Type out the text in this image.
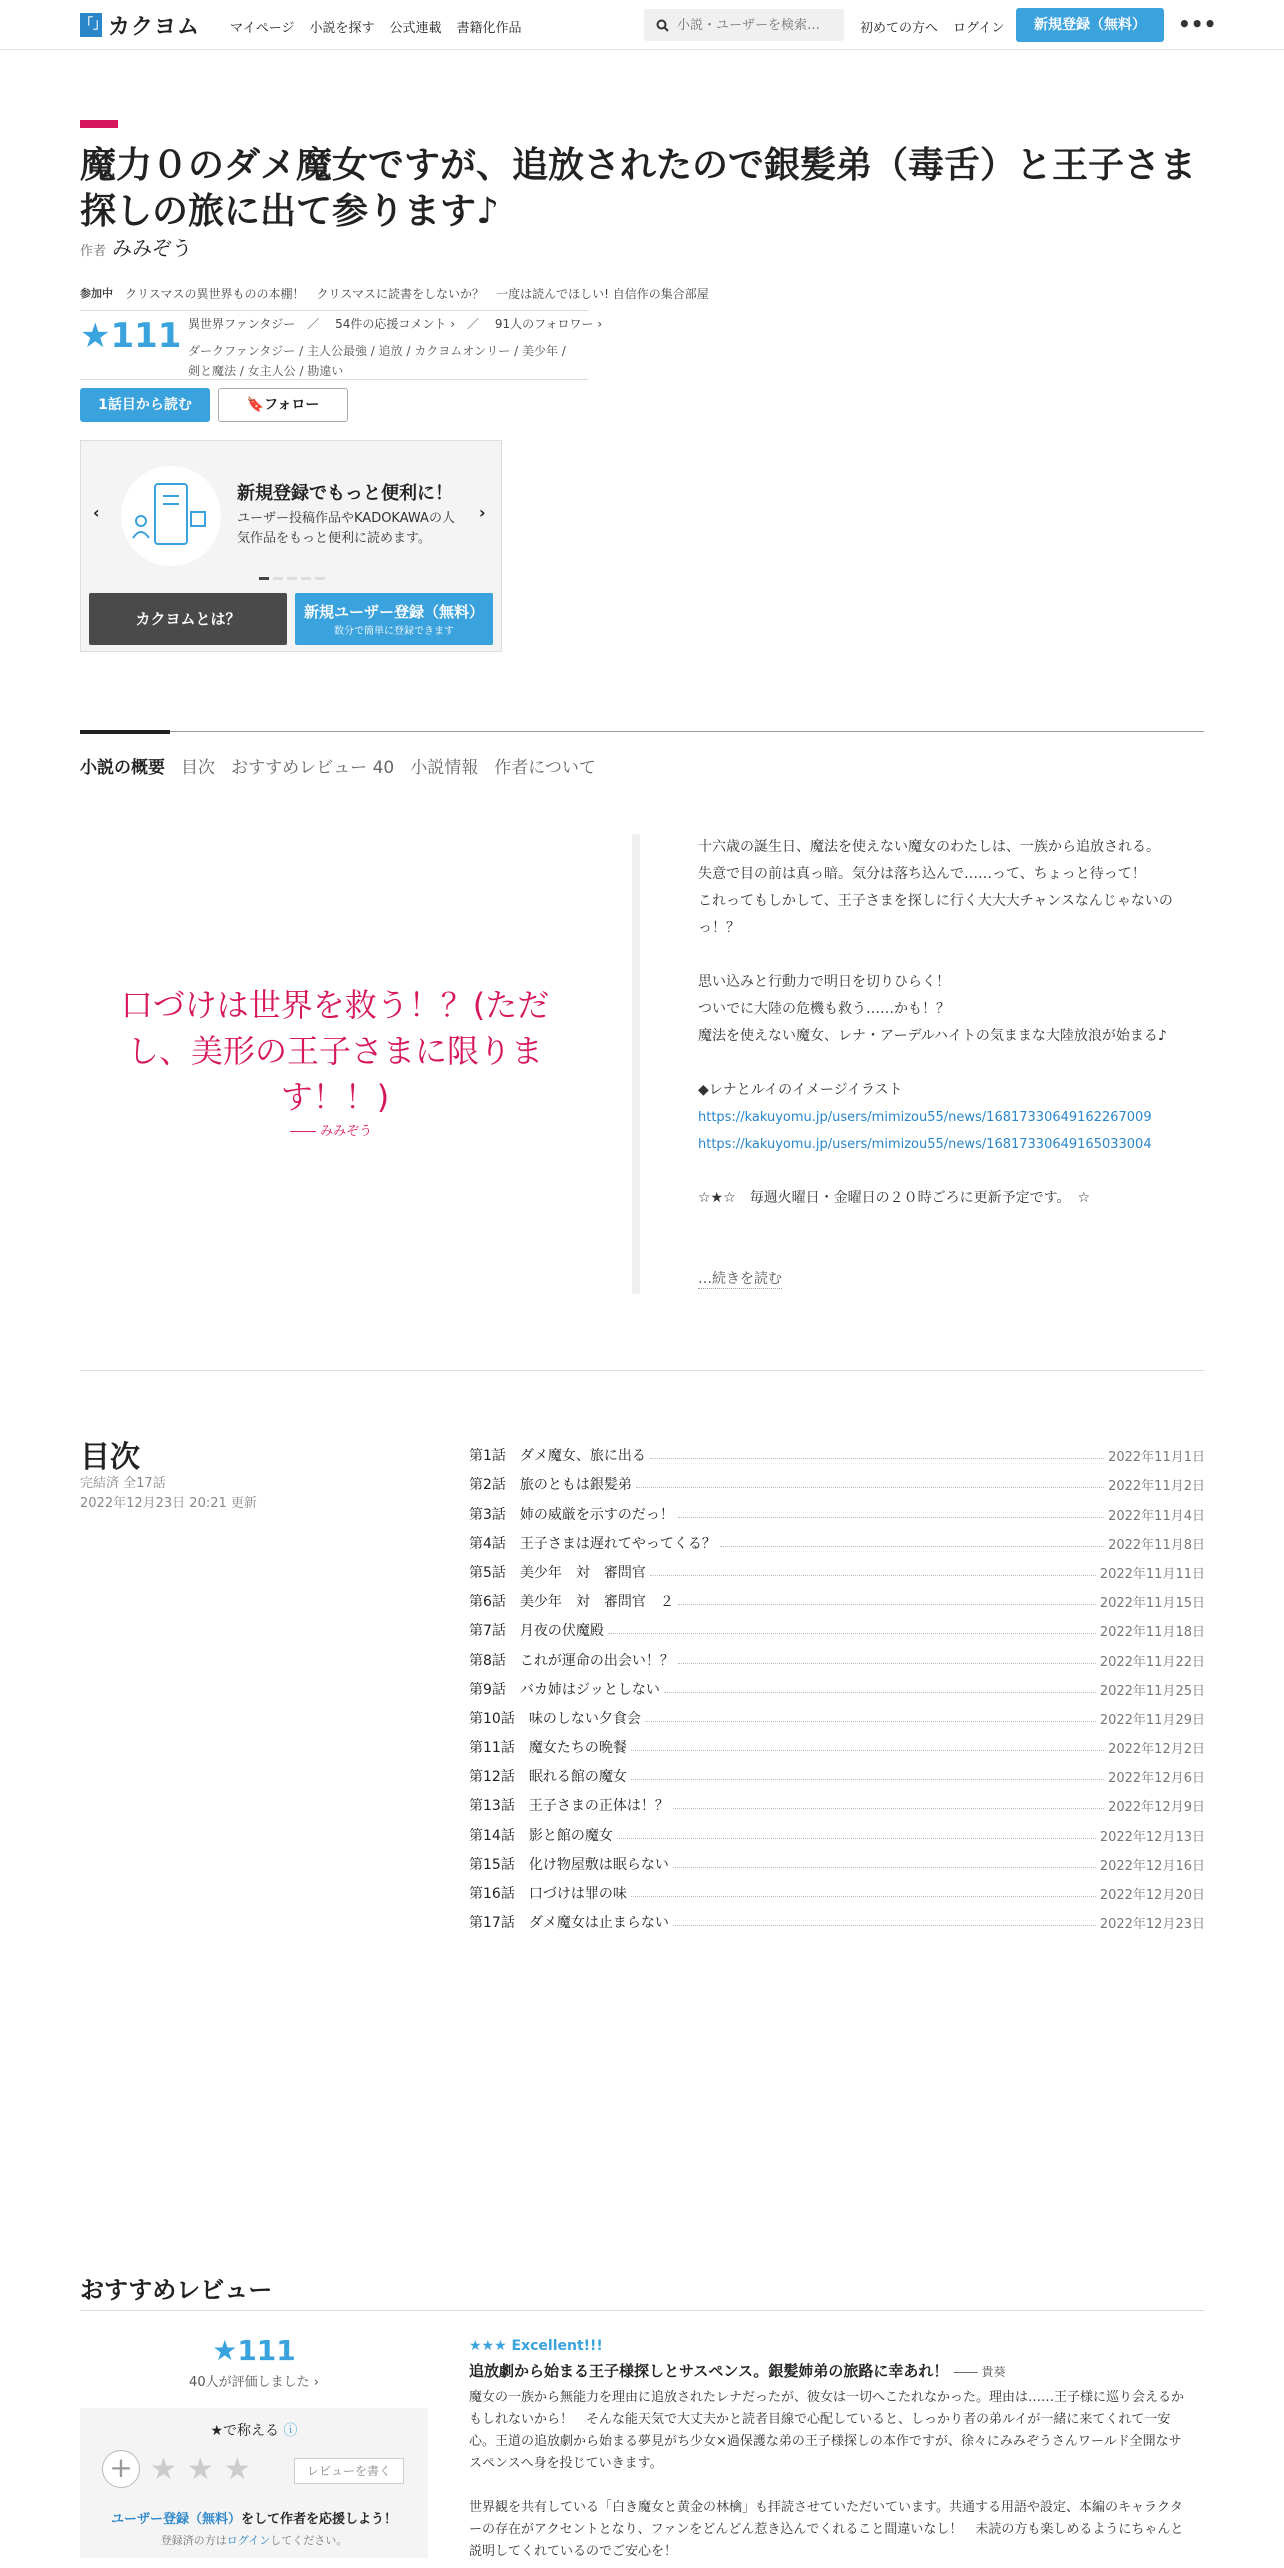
「」 カクヨム マイページ 小説を探す 公式連載 書籍化作品
小説・ユーザーを検索…	初めての方へ ログイン	新規登録（無料）	•••
魔力０のダメ魔女ですが、追放されたので銀髪弟（毒舌）と王子さま探しの旅に出て参ります♪
作者 みみぞう
参加中 クリスマスの異世界ものの本棚！ クリスマスに読書をしないか？ 一度は読んでほしい! 自信作の集合部屋
★111 異世界ファンタジー　／　 54件の応援コメント ›　／　 91人のフォロワー ›
ダークファンタジー / 主人公最強 / 追放 / カクヨムオンリー / 美少年 / 剣と魔法 / 女主人公 / 勘違い
1話目から読む	🔖フォロー
‹
新規登録でもっと便利に！
ユーザー投稿作品やKADOKAWAの人気作品をもっと便利に読めます。
›
カクヨムとは？	新規ユーザー登録（無料）
数分で簡単に登録できます
小説の概要 目次 おすすめレビュー 40 小説情報 作者について
口づけは世界を救う！？(ただし、美形の王子さまに限ります！！)
―― みみぞう
十六歳の誕生日、魔法を使えない魔女のわたしは、一族から追放される。
失意で目の前は真っ暗。気分は落ち込んで……って、ちょっと待って！
これってもしかして、王子さまを探しに行く大大大チャンスなんじゃないのっ！？
思い込みと行動力で明日を切りひらく！
ついでに大陸の危機も救う……かも！？
魔法を使えない魔女、レナ・アーデルハイトの気ままな大陸放浪が始まる♪
◆レナとルイのイメージイラスト
https://kakuyomu.jp/users/mimizou55/news/16817330649162267009
https://kakuyomu.jp/users/mimizou55/news/16817330649165033004
☆★☆　毎週火曜日・金曜日の２０時ごろに更新予定です。　☆
…続きを読む
目次
完結済 全17話
2022年12月23日 20:21 更新
第1話　ダメ魔女、旅に出る	2022年11月1日
第2話　旅のともは銀髪弟	2022年11月2日
第3話　姉の威厳を示すのだっ！	2022年11月4日
第4話　王子さまは遅れてやってくる？	2022年11月8日
第5話　美少年　対　審問官	2022年11月11日
第6話　美少年　対　審問官　２	2022年11月15日
第7話　月夜の伏魔殿	2022年11月18日
第8話　これが運命の出会い！？	2022年11月22日
第9話　バカ姉はジッとしない	2022年11月25日
第10話　味のしない夕食会	2022年11月29日
第11話　魔女たちの晩餐	2022年12月2日
第12話　眠れる館の魔女	2022年12月6日
第13話　王子さまの正体は！？	2022年12月9日
第14話　影と館の魔女	2022年12月13日
第15話　化け物屋敷は眠らない	2022年12月16日
第16話　口づけは罪の味	2022年12月20日
第17話　ダメ魔女は止まらない	2022年12月23日
おすすめレビュー
★111
40人が評価しました ›
★で称える ⓘ
+ ★ ★ ★	レビューを書く
ユーザー登録（無料）をして作者を応援しよう！
登録済の方はログインしてください。
★★★ Excellent!!!
追放劇から始まる王子様探しとサスペンス。銀髪姉弟の旅路に幸あれ！ ―― 貴葵
魔女の一族から無能力を理由に追放されたレナだったが、彼女は一切へこたれなかった。理由は……王子様に巡り会えるかもしれないから！　そんな能天気で大丈夫かと読者目線で心配していると、しっかり者の弟ルイが一緒に来てくれて一安心。王道の追放劇から始まる夢見がち少女×過保護な弟の王子様探しの本作ですが、徐々にみみぞうさんワールド全開なサスペンスへ身を投じていきます。
世界観を共有している「白き魔女と黄金の林檎」も拝読させていただいています。共通する用語や設定、本編のキャラクターの存在がアクセントとなり、ファンをどんどん惹き込んでくれること間違いなし！　未読の方も楽しめるようにちゃんと説明してくれているのでご安心を！
